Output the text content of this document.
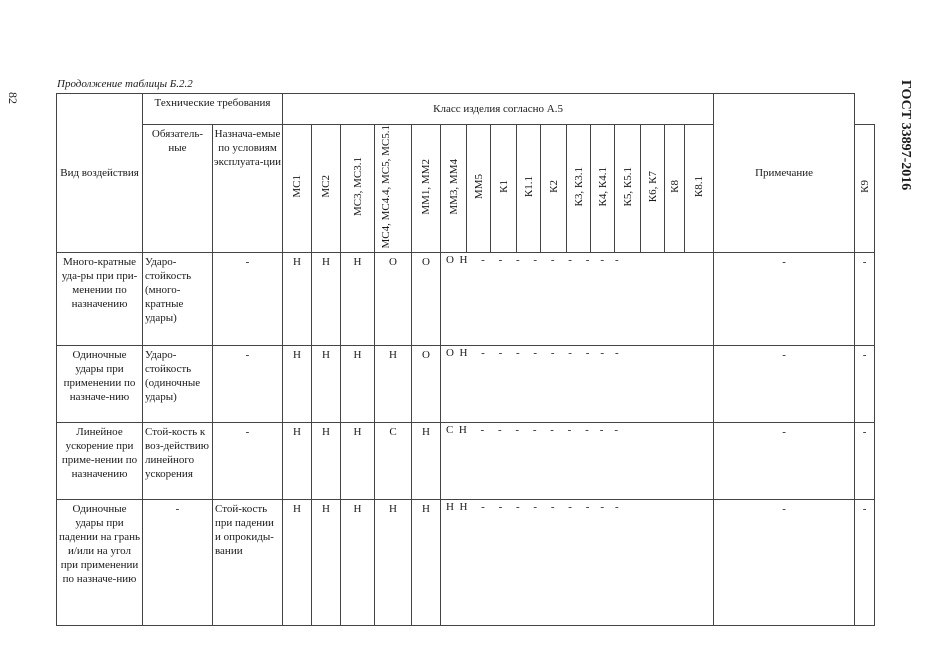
82	ГОСТ 33897-2016
Продолжение таблицы Б.2.2
Вид воздействия	Технические требования		Класс изделия согласно А.5																Примечание	
	Обязатель-ные	Назнача-емые по условиям эксплуата-ции	МС1	МС2	МС3, МС3.1	МС4, МС4.4, МС5, МС5.1	ММ1, ММ2	ММ3, ММ4	ММ5	К1	К1.1	К2	К3, К3.1	К4, К4.1	К5, К5.1	К6, К7	К8	К8.1		К9
Много-кратные уда-ры при при-менении по назначению	Ударо-стойкость (много-кратные удары)	-	Н	Н	Н	О	О	О Н - - - - - - - - -											-	-
Одиночные удары при применении по назначе-нию	Ударо-стойкость (одиночные удары)	-	Н	Н	Н	Н	О	О Н - - - - - - - - -											-	-
Линейное ускорение при приме-нении по назначению	Стой-кость к воз-действию линейного ускорения	-	Н	Н	Н	С	Н	С Н - - - - - - - - -											-	-
Одиночные удары при падении на грань и/или на угол при применении по назначе-нию	-	Стой-кость при падении и опрокиды-вании	Н	Н	Н	Н	Н	Н Н - - - - - - - - -											-	-
